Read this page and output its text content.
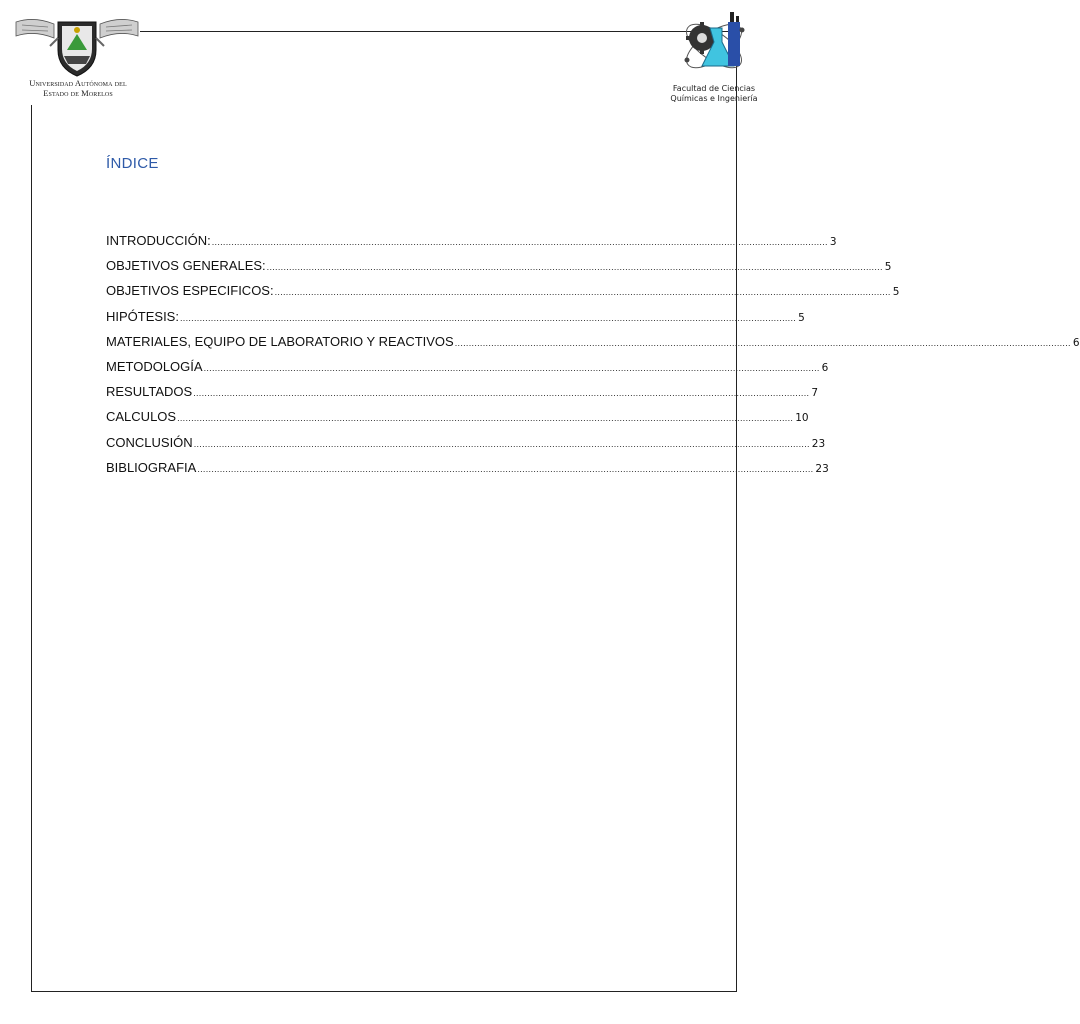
Universidad Autónoma del
Estado de Morelos	Facultad de Ciencias
Químicas e Ingeniería
ÍNDICE
INTRODUCCIÓN: ............................................................................................................................................................................................................................ 3
OBJETIVOS GENERALES: ............................................................................................................................................................................................................................ 5
OBJETIVOS ESPECIFICOS: ............................................................................................................................................................................................................................ 5
HIPÓTESIS: ............................................................................................................................................................................................................................ 5
MATERIALES, EQUIPO DE LABORATORIO Y REACTIVOS ............................................................................................................................................................................................................................ 6
METODOLOGÍA ............................................................................................................................................................................................................................ 6
RESULTADOS ............................................................................................................................................................................................................................ 7
CALCULOS ............................................................................................................................................................................................................................ 10
CONCLUSIÓN ............................................................................................................................................................................................................................ 23
BIBLIOGRAFIA ............................................................................................................................................................................................................................ 23
